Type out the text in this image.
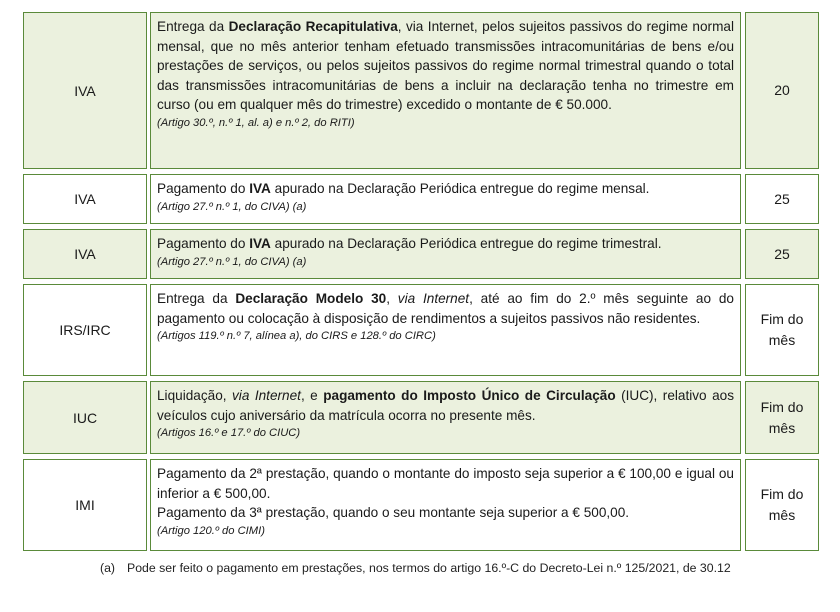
IVA
Entrega da Declaração Recapitulativa, via Internet, pelos sujeitos passivos do regime normal mensal, que no mês anterior tenham efetuado transmissões intracomunitárias de bens e/ou prestações de serviços, ou pelos sujeitos passivos do regime normal trimestral quando o total das transmissões intracomunitárias de bens a incluir na declaração tenha no trimestre em curso (ou em qualquer mês do trimestre) excedido o montante de € 50.000.
(Artigo 30.º, n.º 1, al. a) e n.º 2, do RITI)
20
IVA
Pagamento do IVA apurado na Declaração Periódica entregue do regime mensal.
(Artigo 27.º n.º 1, do CIVA) (a)	25
IVA
Pagamento do IVA apurado na Declaração Periódica entregue do regime trimestral.
(Artigo 27.º n.º 1, do CIVA) (a)	25
IRS/IRC
Entrega da Declaração Modelo 30, via Internet, até ao fim do 2.º mês seguinte ao do pagamento ou colocação à disposição de rendimentos a sujeitos passivos não residentes.
(Artigos 119.º n.º 7, alínea a), do CIRS e 128.º do CIRC)
Fim do mês
IUC
Liquidação, via Internet, e pagamento do Imposto Único de Circulação (IUC), relativo aos veículos cujo aniversário da matrícula ocorra no presente mês.
(Artigos 16.º e 17.º do CIUC)
Fim do mês
IMI
Pagamento da 2ª prestação, quando o montante do imposto seja superior a € 100,00 e igual ou inferior a € 500,00.
Pagamento da 3ª prestação, quando o seu montante seja superior a € 500,00.
(Artigo 120.º do CIMI)
Fim do mês
(a) Pode ser feito o pagamento em prestações, nos termos do artigo 16.º-C do Decreto-Lei n.º 125/2021, de 30.12
